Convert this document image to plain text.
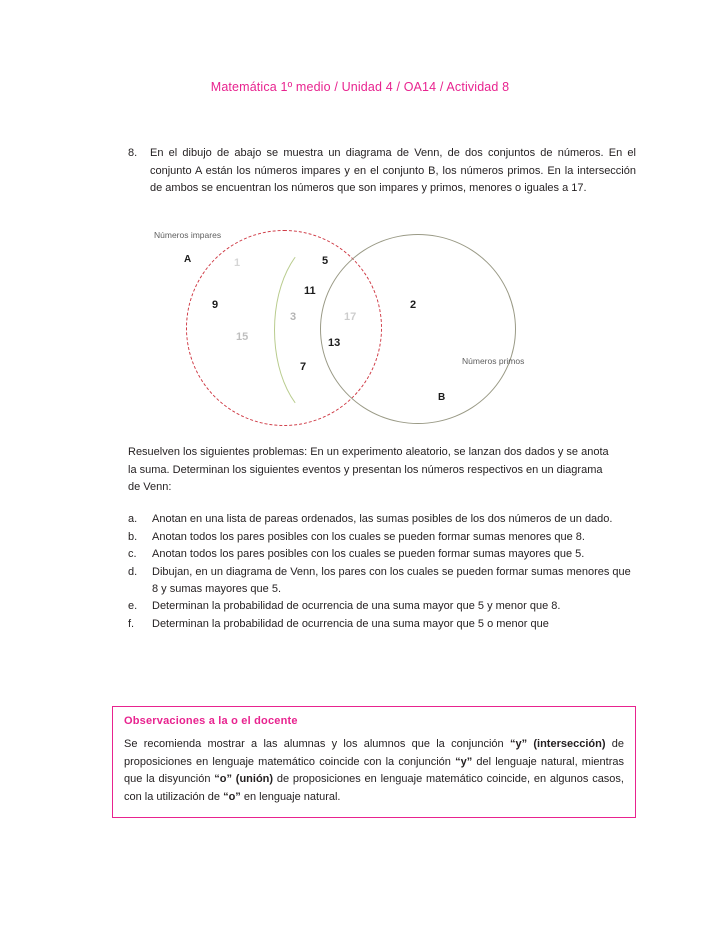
Matemática 1º medio / Unidad 4 / OA14 / Actividad 8
8.	En el dibujo de abajo se muestra un diagrama de Venn, de dos conjuntos de números. En el conjunto A están los números impares y en el conjunto B, los números primos. En la intersección de ambos se encuentran los números que son impares y primos, menores o iguales a 17.
Números impares
A
Números primos
B
1
9
15
5
11
3	17
13
7
2
Resuelven los siguientes problemas: En un experimento aleatorio, se lanzan dos dados y se anota la suma. Determinan los siguientes eventos y presentan los números respectivos en un diagrama de Venn:
a.	Anotan en una lista de pareas ordenados, las sumas posibles de los dos números de un dado.
b.	Anotan todos los pares posibles con los cuales se pueden formar sumas menores que 8.
c.	Anotan todos los pares posibles con los cuales se pueden formar sumas mayores que 5.
d.	Dibujan, en un diagrama de Venn, los pares con los cuales se pueden formar sumas menores que 8 y sumas mayores que 5.
e.	Determinan la probabilidad de ocurrencia de una suma mayor que 5 y menor que 8.
f.	Determinan la probabilidad de ocurrencia de una suma mayor que 5 o menor que
Observaciones a la o el docente
Se recomienda mostrar a las alumnas y los alumnos que la conjunción “y” (intersección) de proposiciones en lenguaje matemático coincide con la conjunción “y” del lenguaje natural, mientras que la disyunción “o” (unión) de proposiciones en lenguaje matemático coincide, en algunos casos, con la utilización de “o” en lenguaje natural.
